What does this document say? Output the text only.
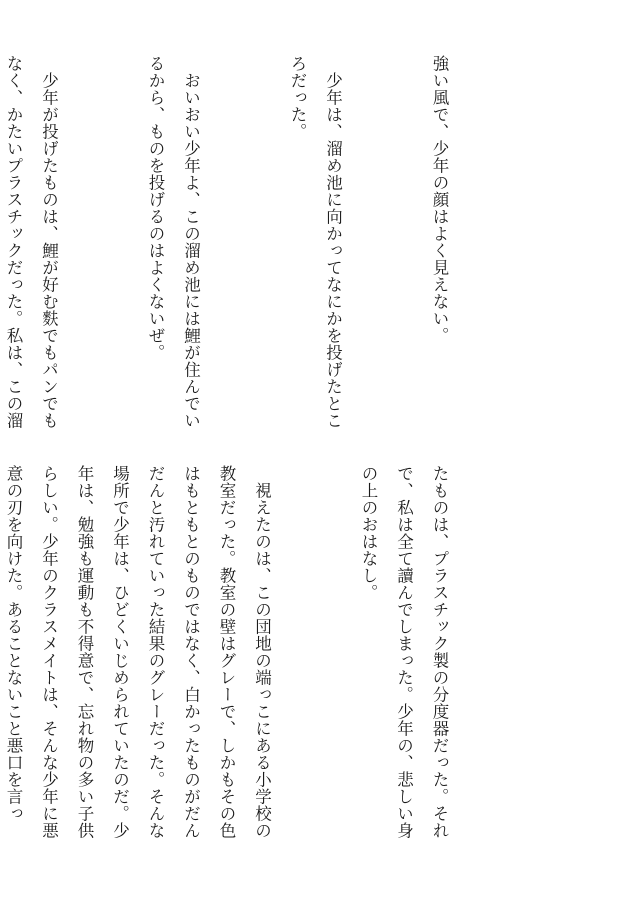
強い風で、少年の顔はよく見えない。

　少年は、溜め池に向かってなにかを投げたところだった。

　おいおい少年よ、この溜め池には鯉が住んでいるから、ものを投げるのはよくないぜ。

　少年が投げたものは、鯉が好む麩でもパンでもなく、かたいプラスチックだった。私は、この溜

たものは、プラスチック製の分度器だった。それで、私は全て讀んでしまった。少年の、悲しい身の上のおはなし。

　視えたのは、この団地の端っこにある小学校の教室だった。教室の壁はグレーで、しかもその色はもともとのものではなく、白かったものがだんだんと汚れていった結果のグレーだった。そんな場所で少年は、ひどくいじめられていたのだ。少年は、勉強も運動も不得意で、忘れ物の多い子供らしい。少年のクラスメイトは、そんな少年に悪意の刃を向けた。あることないこと悪口を言っ
